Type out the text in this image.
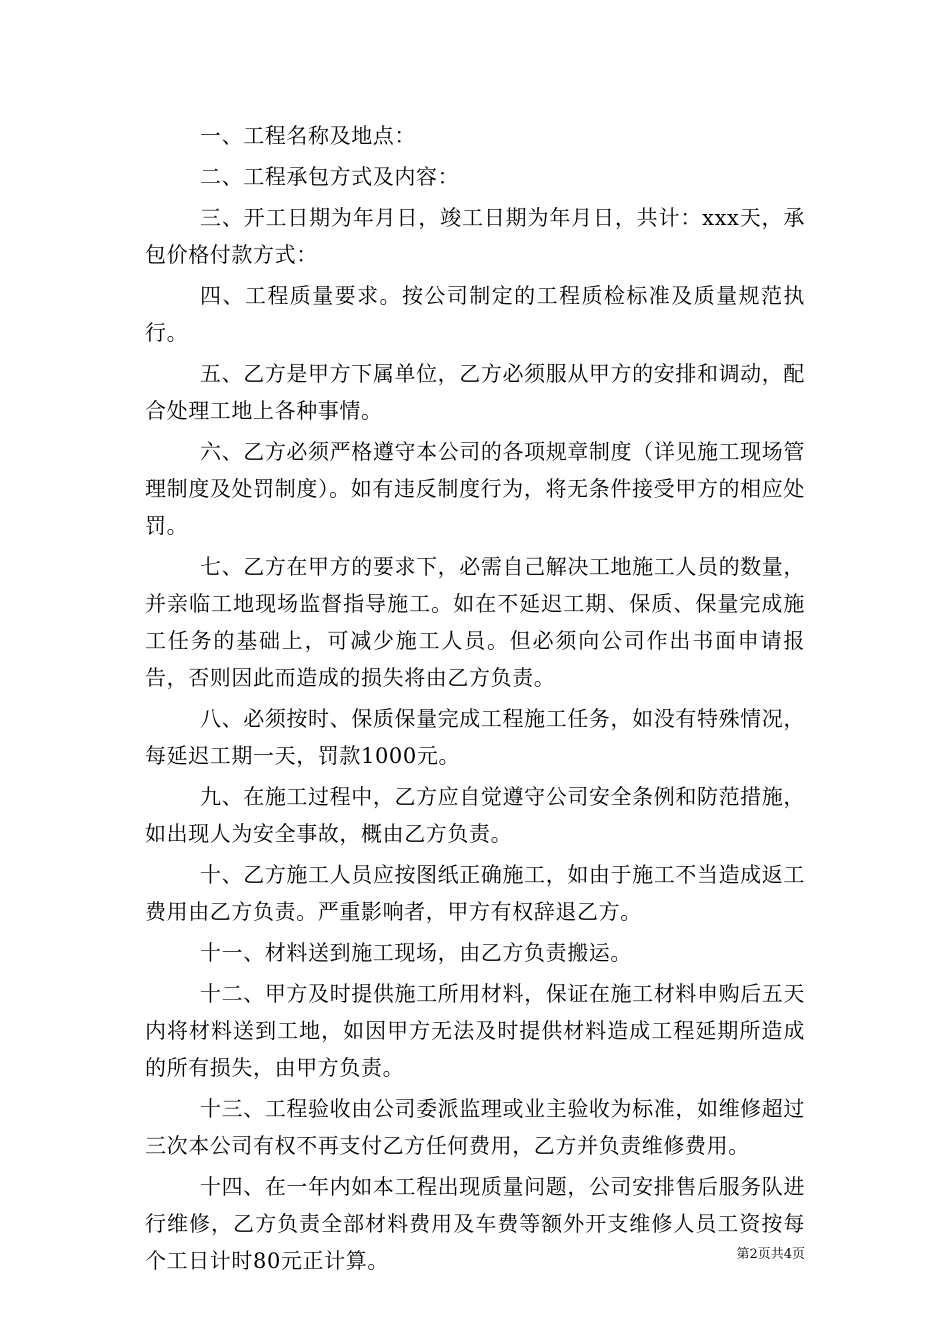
一、工程名称及地点：

二、工程承包方式及内容：

三、开工日期为年月日，竣工日期为年月日，共计：xxx天，承包价格付款方式：

四、工程质量要求。按公司制定的工程质检标准及质量规范执行。

五、乙方是甲方下属单位，乙方必须服从甲方的安排和调动，配合处理工地上各种事情。

六、乙方必须严格遵守本公司的各项规章制度（详见施工现场管理制度及处罚制度）。如有违反制度行为，将无条件接受甲方的相应处罚。

七、乙方在甲方的要求下，必需自己解决工地施工人员的数量，并亲临工地现场监督指导施工。如在不延迟工期、保质、保量完成施工任务的基础上，可减少施工人员。但必须向公司作出书面申请报告，否则因此而造成的损失将由乙方负责。

八、必须按时、保质保量完成工程施工任务，如没有特殊情况，每延迟工期一天，罚款1000元。

九、在施工过程中，乙方应自觉遵守公司安全条例和防范措施，如出现人为安全事故，概由乙方负责。

十、乙方施工人员应按图纸正确施工，如由于施工不当造成返工费用由乙方负责。严重影响者，甲方有权辞退乙方。

十一、材料送到施工现场，由乙方负责搬运。

十二、甲方及时提供施工所用材料，保证在施工材料申购后五天内将材料送到工地，如因甲方无法及时提供材料造成工程延期所造成的所有损失，由甲方负责。

十三、工程验收由公司委派监理或业主验收为标准，如维修超过三次本公司有权不再支付乙方任何费用，乙方并负责维修费用。

十四、在一年内如本工程出现质量问题，公司安排售后服务队进行维修，乙方负责全部材料费用及车费等额外开支维修人员工资按每个工日计时80元正计算。	第2页共4页
